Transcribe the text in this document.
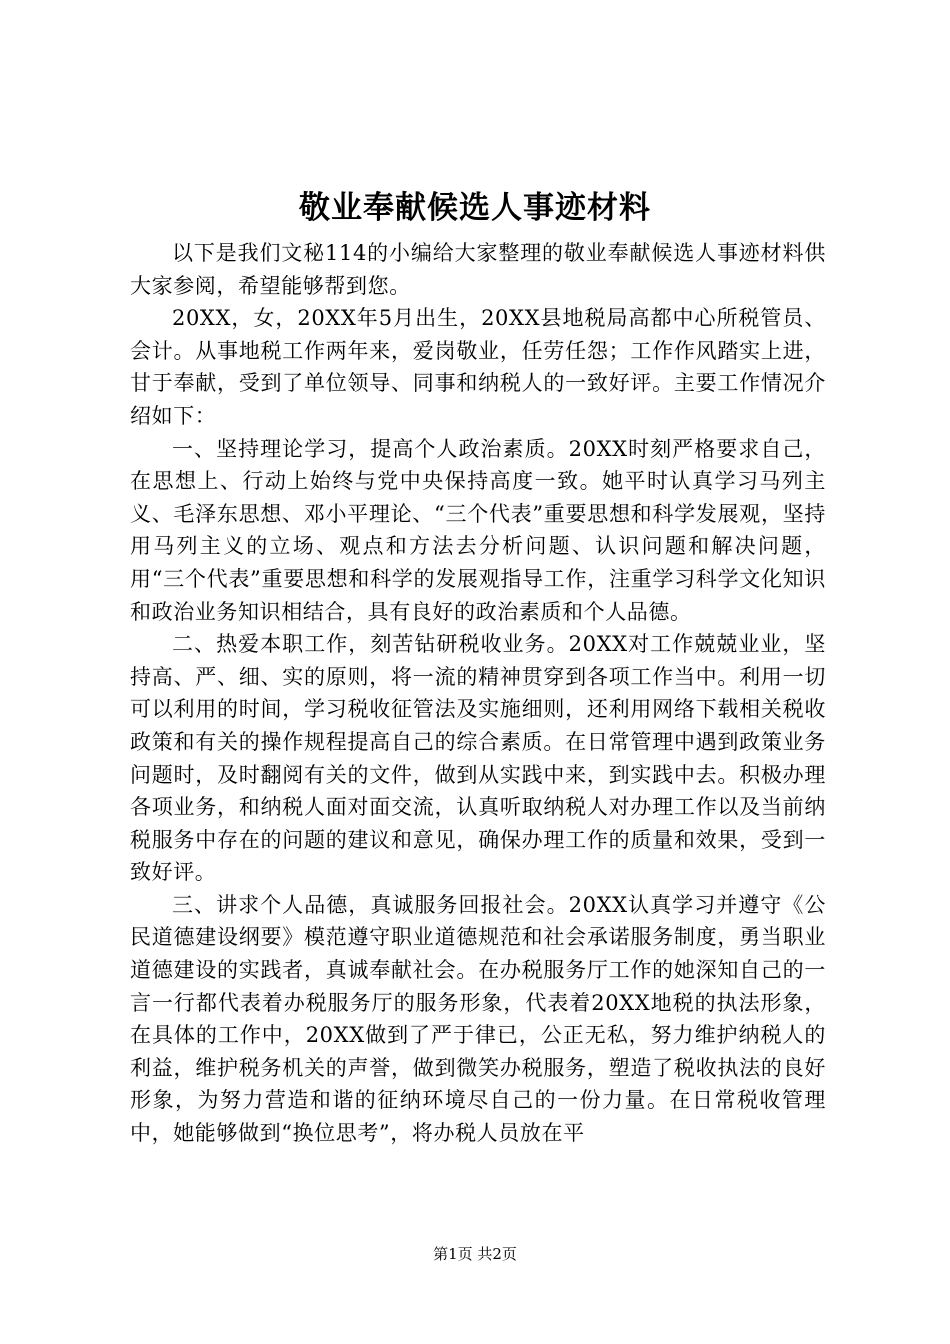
敬业奉献候选人事迹材料

以下是我们文秘114的小编给大家整理的敬业奉献候选人事迹材料供大家参阅，希望能够帮到您。

20XX，女，20XX年5月出生，20XX县地税局高都中心所税管员、会计。从事地税工作两年来，爱岗敬业，任劳任怨；工作作风踏实上进，甘于奉献，受到了单位领导、同事和纳税人的一致好评。主要工作情况介绍如下：

一、坚持理论学习，提高个人政治素质。20XX时刻严格要求自己，在思想上、行动上始终与党中央保持高度一致。她平时认真学习马列主义、毛泽东思想、邓小平理论、“三个代表”重要思想和科学发展观，坚持用马列主义的立场、观点和方法去分析问题、认识问题和解决问题，用“三个代表”重要思想和科学的发展观指导工作，注重学习科学文化知识和政治业务知识相结合，具有良好的政治素质和个人品德。

二、热爱本职工作，刻苦钻研税收业务。20XX对工作兢兢业业，坚持高、严、细、实的原则，将一流的精神贯穿到各项工作当中。利用一切可以利用的时间，学习税收征管法及实施细则，还利用网络下载相关税收政策和有关的操作规程提高自己的综合素质。在日常管理中遇到政策业务问题时，及时翻阅有关的文件，做到从实践中来，到实践中去。积极办理各项业务，和纳税人面对面交流，认真听取纳税人对办理工作以及当前纳税服务中存在的问题的建议和意见，确保办理工作的质量和效果，受到一致好评。

三、讲求个人品德，真诚服务回报社会。20XX认真学习并遵守《公民道德建设纲要》模范遵守职业道德规范和社会承诺服务制度，勇当职业道德建设的实践者，真诚奉献社会。在办税服务厅工作的她深知自己的一言一行都代表着办税服务厅的服务形象，代表着20XX地税的执法形象，在具体的工作中，20XX做到了严于律已，公正无私，努力维护纳税人的利益，维护税务机关的声誉，做到微笑办税服务，塑造了税收执法的良好形象，为努力营造和谐的征纳环境尽自己的一份力量。在日常税收管理中，她能够做到“换位思考”，将办税人员放在平

第1页 共2页
